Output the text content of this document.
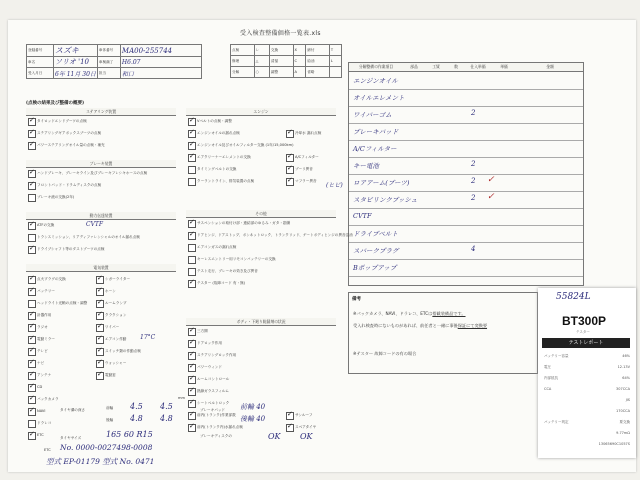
受入検査整備価格一覧表.xls
登録番号	スズキ	車体番号	MA00-255744
車名	ソリオ '10	車検満了	H6.07
受入月日	6年 11月 30日	担当	和口
点検	レ	交換	X	締付	T
修理	△	清掃	C	給油	L
分解	○	調整	A	省略	
(点検の結果及び整備の概要)
分解整備の作業項目	部品	工賃	数	仕入単価	単価	金額
エンジンオイル
オイルエレメント
ワイパーゴム	2
ブレーキパッド
A/Cフィルター
キー電池	2
ロアアーム(ブーツ)	2 ✓
スタビリンクブッシュ	2 ✓
CVTF
ドライブベルト
スパークプラグ	4
Bポップアップ
(ヒビ)
備考
※パックカメラ、NAVI、ドラレコ、ETCは搭載装備品です。
受入れ検査時にないものがあれば、前任者と一緒に事後保証にて変換要
※テスター 故障コードの有の場合
55824L
BT300P
テスター
テストレポート
バッテリー容量	46%
電圧	12.13V
内部抵抗	64%
CCA	307CCA
JIS
170CCA
バッテリー判定	要交換
9.77mΩ
13065690C1057S
ステアリング装置
✓
タイロッドエンドブーツの点検
✓
ステアリングギアボックスブーツの点検
✓
パワーステアリングオイル量の点検・補充
ブレーキ装置
✓
ハンドブレーキ、ブレーキライン及びブレーキフレシキホースの点検
✓
フロントパッド・ドラムディスクの点検
ブレーキ液の交換(2年)
動力伝達装置
✓
ATFの交換	CVTF
トランスミッション、リアディファレンシャルのオイル漏れ点検
✓
ドライブシャフト等のダストブーツの点検
電気装置
✓
点火プラグの交換
✓
バッテリー
ヘッドライト光軸の点検・調整
✓
計器作用
✓
ラジオ
✓
電動ミラー
✓
テレビ
✓
ナビ
✓
アンテナ
✓
CD
✓
バックカメラ
✓
NAVI
ドラレコ
✓
ETC
✓
シガーライター
✓
ホーン
✓
ルームランプ
✓
クラクション
✓
ワイパー
✓
エアコン作動 17°C
✓
スイッチ類の作動点検
✓
ウォッシャー
✓
電動窓
エンジン
✓
Vベルトの点検・調整
✓
エンジンオイルの漏れ点検 ✓	冷却水 漏れ点検
✓
エンジンオイル及びオイルフィルター交換 (1年/15,000km)
✓
エアクリーナーエレメントの交換 ✓	A/Cフィルター
タイミングベルトの交換 ✓	ブーリ異音
クーラントライン、排気装置の点検 ✓	マフラー異音
その他
✓
サスペンションの取付け部・連結部のゆるみ・ガタ・損傷
✓
ドアヒンジ、ドアストップ、ボンネットロック、トランクリッド、ゲートボディヒンジの異音注油
エアコンガスの漏れ点検
キーレスエントリー用リモコンバッテリーの交換
テスト走行、ブレーキの効き及び異音
✓
テスター (故障コード 有・無)
ボディ・下廻り防錆剤の状況
✓
三方開
✓
ドアロック作用
✓
ステアリングロック作用
✓
パワーウィンド
✓
ルームコントロール
✓
熱線ガラスフィルム
✓
シートベルトロック
✓
前内(トランク)作業部数 ✓	サンルーフ
✓
前内(トランク内)水漏れ点検 ✓	スペアタイヤ
タイヤ溝の深さ	前輪 4.5 4.5
後輪 4.8 4.8
mm
タイヤサイズ	165 60 R15
ETC No. 0000-0027498-0008
型式 EP-01179 型式 No. 0471
ブレーキパッド 前輪 40
後輪 40
ブレーキディスクの	OK OK
